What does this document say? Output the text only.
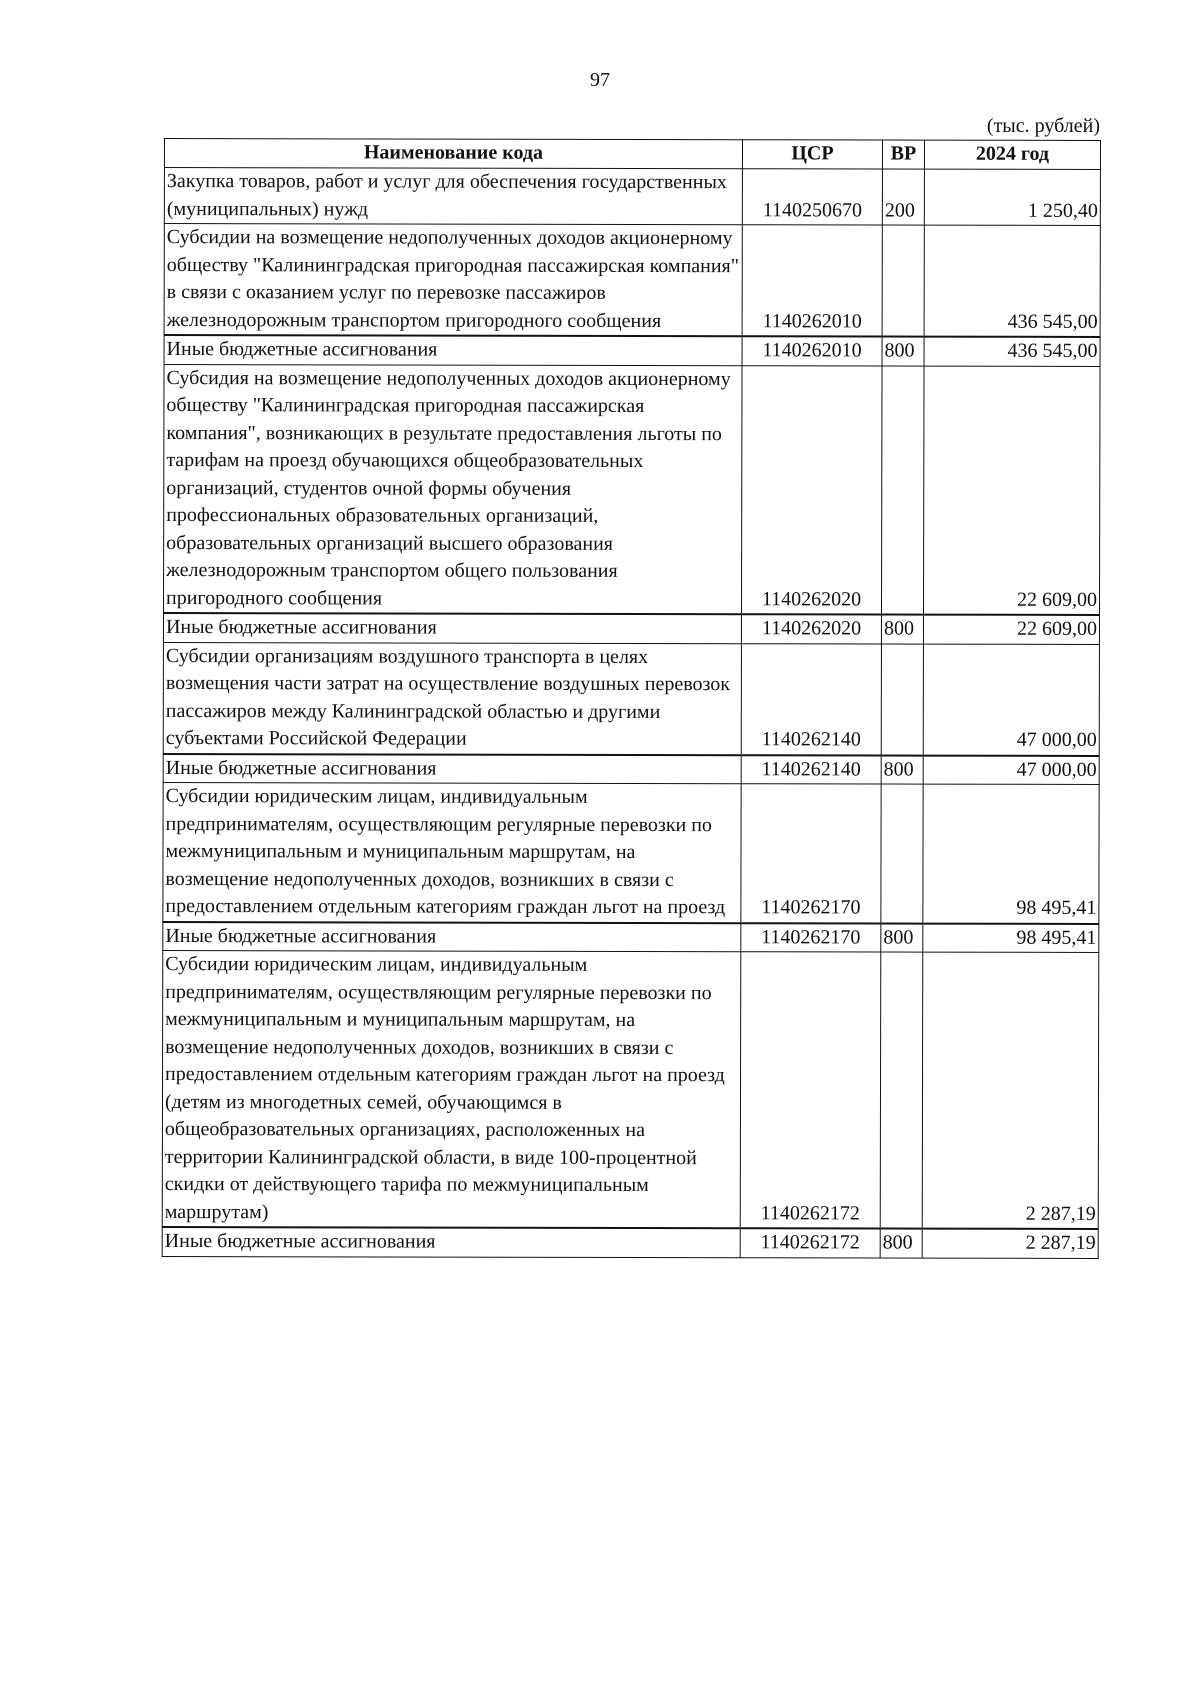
97
(тыс. рублей)
Наименование кода	ЦСР	ВР	2024 год
Закупка товаров, работ и услуг для обеспечения государственных (муниципальных) нужд	1140250670	200	1 250,40
Субсидии на возмещение недополученных доходов акционерному обществу "Калининградская пригородная пассажирская компания" в связи с оказанием услуг по перевозке пассажиров железнодорожным транспортом пригородного сообщения	1140262010		436 545,00
Иные бюджетные ассигнования	1140262010	800	436 545,00
Субсидия на возмещение недополученных доходов акционерному обществу "Калининградская пригородная пассажирская компания", возникающих в результате предоставления льготы по тарифам на проезд обучающихся общеобразовательных организаций, студентов очной формы обучения профессиональных образовательных организаций, образовательных организаций высшего образования железнодорожным транспортом общего пользования пригородного сообщения	1140262020		22 609,00
Иные бюджетные ассигнования	1140262020	800	22 609,00
Субсидии организациям воздушного транспорта в целях возмещения части затрат на осуществление воздушных перевозок пассажиров между Калининградской областью и другими субъектами Российской Федерации	1140262140		47 000,00
Иные бюджетные ассигнования	1140262140	800	47 000,00
Субсидии юридическим лицам, индивидуальным предпринимателям, осуществляющим регулярные перевозки по межмуниципальным и муниципальным маршрутам, на возмещение недополученных доходов, возникших в связи с предоставлением отдельным категориям граждан льгот на проезд	1140262170		98 495,41
Иные бюджетные ассигнования	1140262170	800	98 495,41
Субсидии юридическим лицам, индивидуальным предпринимателям, осуществляющим регулярные перевозки по межмуниципальным и муниципальным маршрутам, на возмещение недополученных доходов, возникших в связи с предоставлением отдельным категориям граждан льгот на проезд (детям из многодетных семей, обучающимся в общеобразовательных организациях, расположенных на территории Калининградской области, в виде 100-процентной скидки от действующего тарифа по межмуниципальным маршрутам)	1140262172		2 287,19
Иные бюджетные ассигнования	1140262172	800	2 287,19
